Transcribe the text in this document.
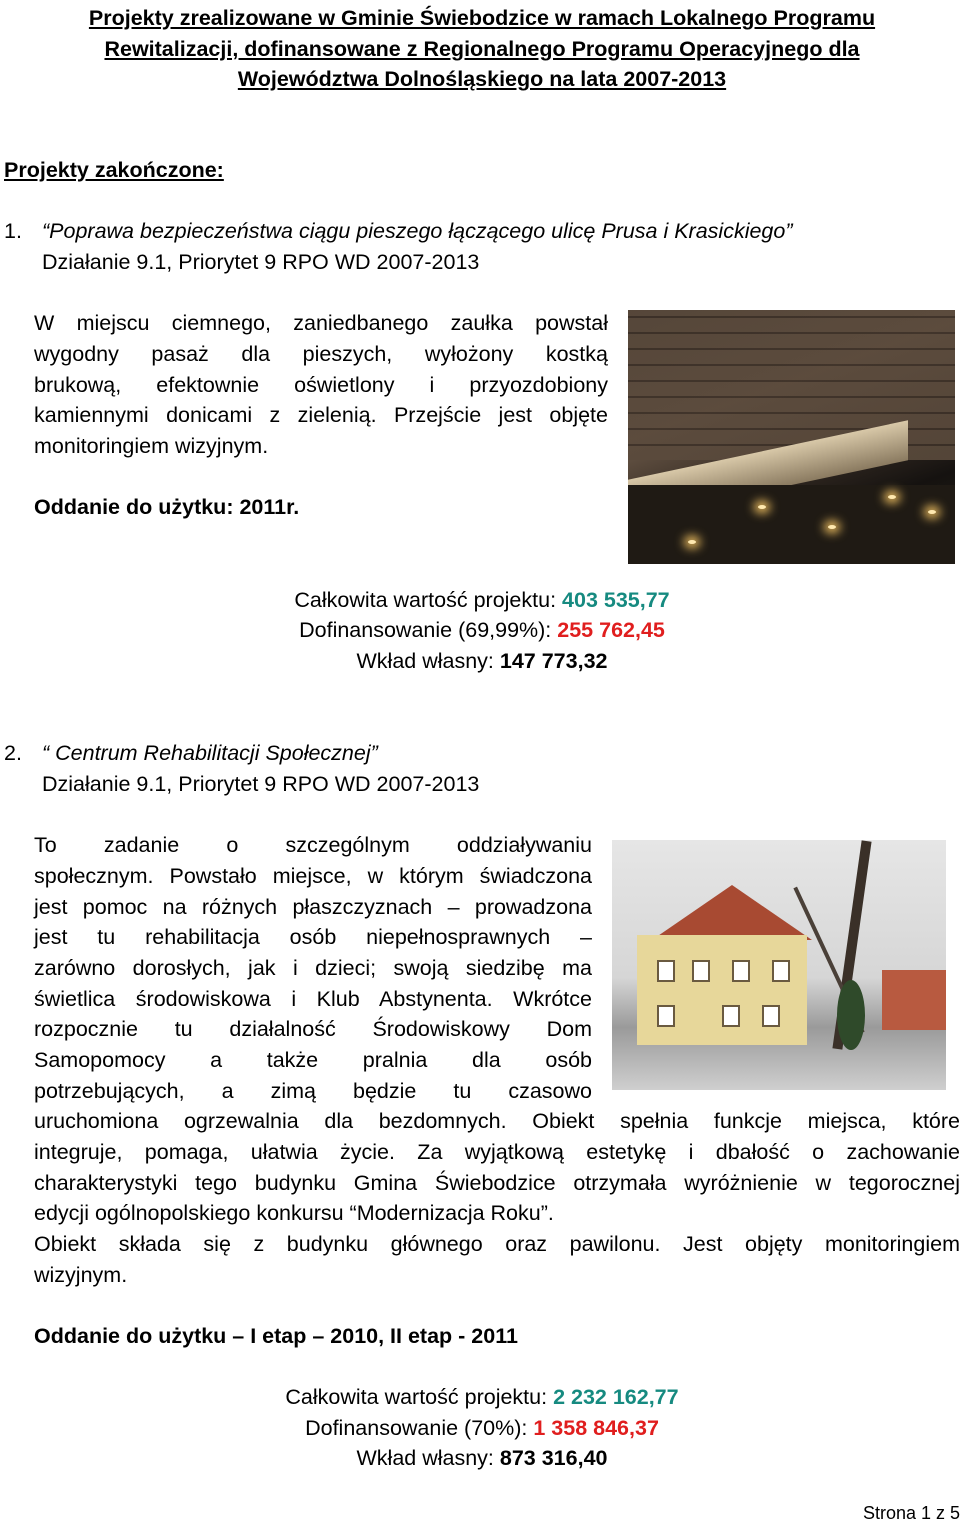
Projekty zrealizowane w Gminie Świebodzice w ramach Lokalnego Programu
Rewitalizacji, dofinansowane z Regionalnego Programu Operacyjnego dla
Województwa Dolnośląskiego na lata 2007-2013
Projekty zakończone:
1. “Poprawa bezpieczeństwa ciągu pieszego łączącego ulicę Prusa i Krasickiego”
Działanie 9.1, Priorytet 9 RPO WD 2007-2013
W miejscu ciemnego, zaniedbanego zaułka powstał
wygodny pasaż dla pieszych, wyłożony kostką
brukową, efektownie oświetlony i przyozdobiony
kamiennymi donicami z zielenią. Przejście jest objęte
monitoringiem wizyjnym.
Oddanie do użytku: 2011r.
Całkowita wartość projektu: 403 535,77
Dofinansowanie (69,99%): 255 762,45
Wkład własny: 147 773,32
2. “ Centrum Rehabilitacji Społecznej”
Działanie 9.1, Priorytet 9 RPO WD 2007-2013
To zadanie o szczególnym oddziaływaniu
społecznym. Powstało miejsce, w którym świadczona
jest pomoc na różnych płaszczyznach – prowadzona
jest tu rehabilitacja osób niepełnosprawnych –
zarówno dorosłych, jak i dzieci; swoją siedzibę ma
świetlica środowiskowa i Klub Abstynenta. Wkrótce
rozpocznie tu działalność Środowiskowy Dom
Samopomocy a także pralnia dla osób
potrzebujących, a zimą będzie tu czasowo
uruchomiona ogrzewalnia dla bezdomnych. Obiekt spełnia funkcje miejsca, które
integruje, pomaga, ułatwia życie. Za wyjątkową estetykę i dbałość o zachowanie
charakterystyki tego budynku Gmina Świebodzice otrzymała wyróżnienie w tegorocznej
edycji ogólnopolskiego konkursu “Modernizacja Roku”.
Obiekt składa się z budynku głównego oraz pawilonu. Jest objęty monitoringiem
wizyjnym.
Oddanie do użytku – I etap – 2010, II etap - 2011
Całkowita wartość projektu: 2 232 162,77
Dofinansowanie (70%): 1 358 846,37
Wkład własny: 873 316,40
Strona 1 z 5
